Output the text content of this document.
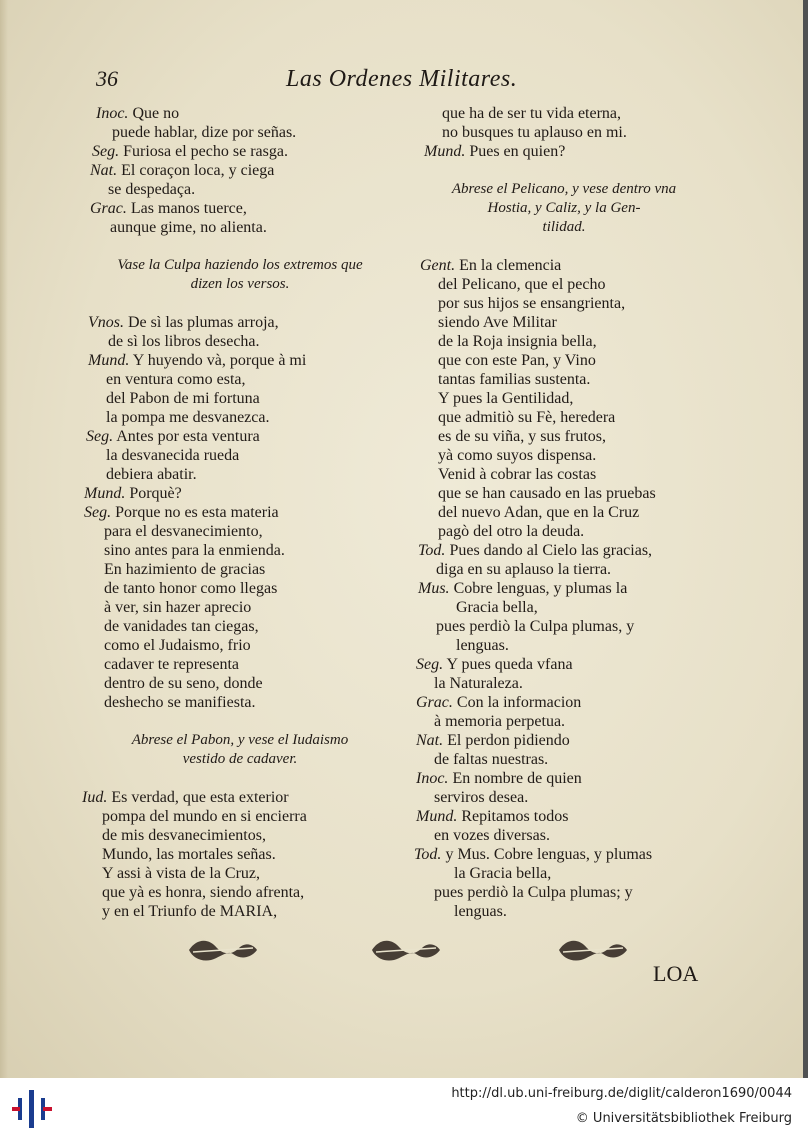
36	Las Ordenes Militares.
Inoc. Que no
puede hablar, dize por señas.
Seg. Furiosa el pecho se rasga.
Nat. El coraçon loca, y ciega
se despedaça.
Grac. Las manos tuerce,
aunque gime, no alienta.
Vase la Culpa haziendo los extremos que
dizen los versos.
Vnos. De sì las plumas arroja,
de sì los libros desecha.
Mund. Y huyendo và, porque à mi
en ventura como esta,
del Pabon de mi fortuna
la pompa me desvanezca.
Seg. Antes por esta ventura
la desvanecida rueda
debiera abatir.
Mund. Porquè?
Seg. Porque no es esta materia
para el desvanecimiento,
sino antes para la enmienda.
En hazimiento de gracias
de tanto honor como llegas
à ver, sin hazer aprecio
de vanidades tan ciegas,
como el Judaismo, frio
cadaver te representa
dentro de su seno, donde
deshecho se manifiesta.
Abrese el Pabon, y vese el Iudaismo
vestido de cadaver.
Iud. Es verdad, que esta exterior
pompa del mundo en si encierra
de mis desvanecimientos,
Mundo, las mortales señas.
Y assi à vista de la Cruz,
que yà es honra, siendo afrenta,
y en el Triunfo de MARIA,
que ha de ser tu vida eterna,
no busques tu aplauso en mi.
Mund. Pues en quien?
Abrese el Pelicano, y vese dentro vna
Hostia, y Caliz, y la Gen-
tilidad.
Gent. En la clemencia
del Pelicano, que el pecho
por sus hijos se ensangrienta,
siendo Ave Militar
de la Roja insignia bella,
que con este Pan, y Vino
tantas familias sustenta.
Y pues la Gentilidad,
que admitiò su Fè, heredera
es de su viña, y sus frutos,
yà como suyos dispensa.
Venid à cobrar las costas
que se han causado en las pruebas
del nuevo Adan, que en la Cruz
pagò del otro la deuda.
Tod. Pues dando al Cielo las gracias,
diga en su aplauso la tierra.
Mus. Cobre lenguas, y plumas la
Gracia bella,
pues perdiò la Culpa plumas, y
lenguas.
Seg. Y pues queda vfana
la Naturaleza.
Grac. Con la informacion
à memoria perpetua.
Nat. El perdon pidiendo
de faltas nuestras.
Inoc. En nombre de quien
serviros desea.
Mund. Repitamos todos
en vozes diversas.
Tod. y Mus. Cobre lenguas, y plumas
la Gracia bella,
pues perdiò la Culpa plumas; y
lenguas.
LOA
http://dl.ub.uni-freiburg.de/diglit/calderon1690/0044
© Universitätsbibliothek Freiburg
